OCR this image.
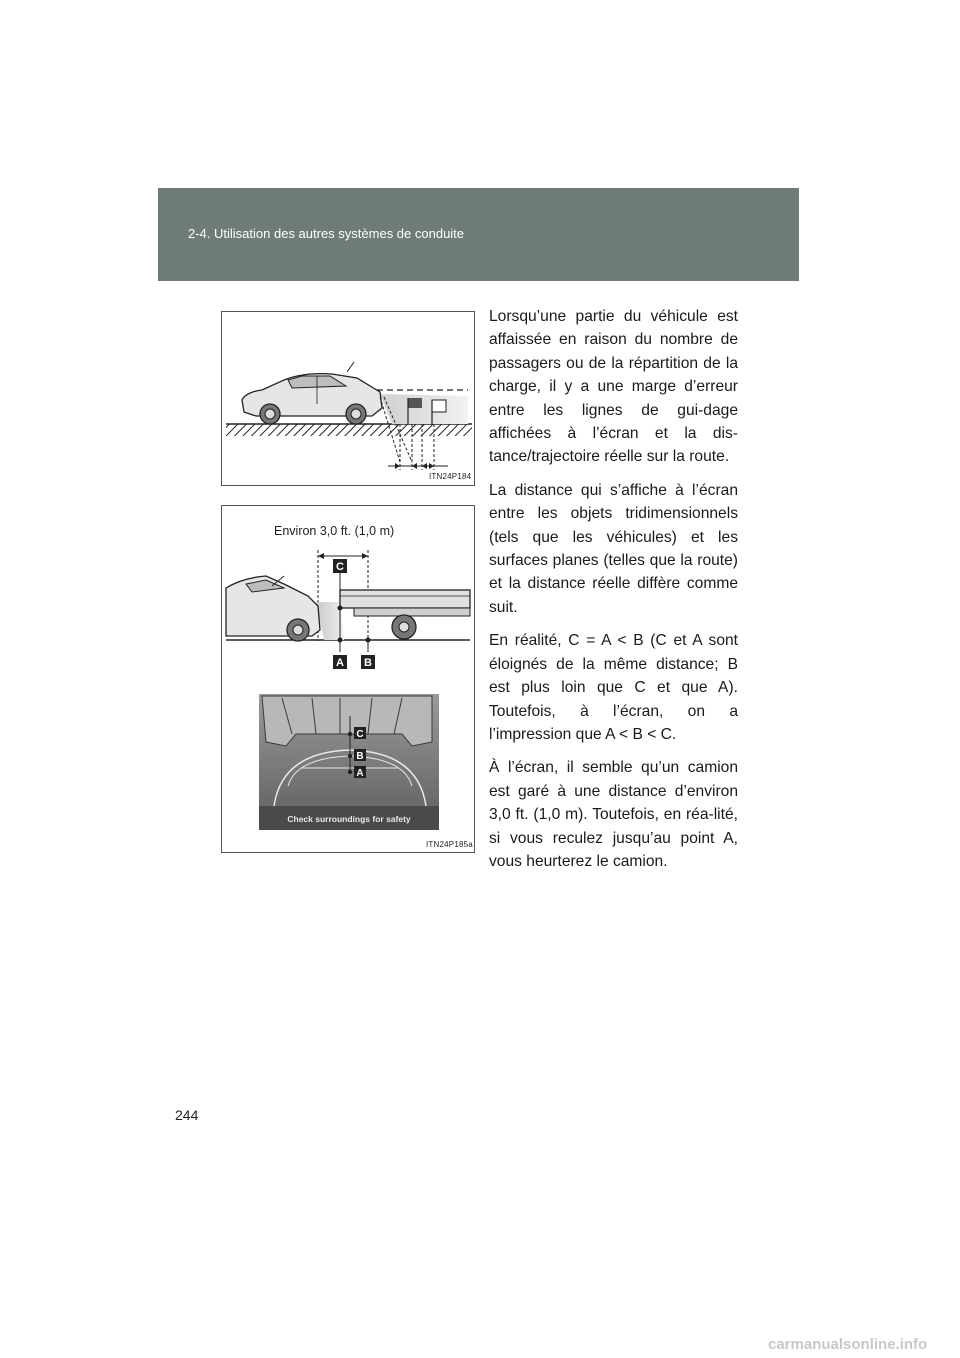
2-4. Utilisation des autres systèmes de conduite
ITN24P184
Environ 3,0 ft. (1,0 m)
C
A B
C
B
A
Check surroundings for safety
ITN24P185a

Lorsqu’une partie du véhicule est affaissée en raison du nombre de passagers ou de la répartition de la charge, il y a une marge d’erreur entre les lignes de gui-dage affichées à l’écran et la dis-tance/trajectoire réelle sur la route.

La distance qui s’affiche à l’écran entre les objets tridimensionnels (tels que les véhicules) et les surfaces planes (telles que la route) et la distance réelle diffère comme suit.

En réalité, C = A < B (C et A sont éloignés de la même distance; B est plus loin que C et que A). Toutefois, à l’écran, on a l’impression que A < B < C.

À l’écran, il semble qu’un camion est garé à une distance d’environ 3,0 ft. (1,0 m). Toutefois, en réa-lité, si vous reculez jusqu’au point A, vous heurterez le camion.

244
carmanualsonline.info
